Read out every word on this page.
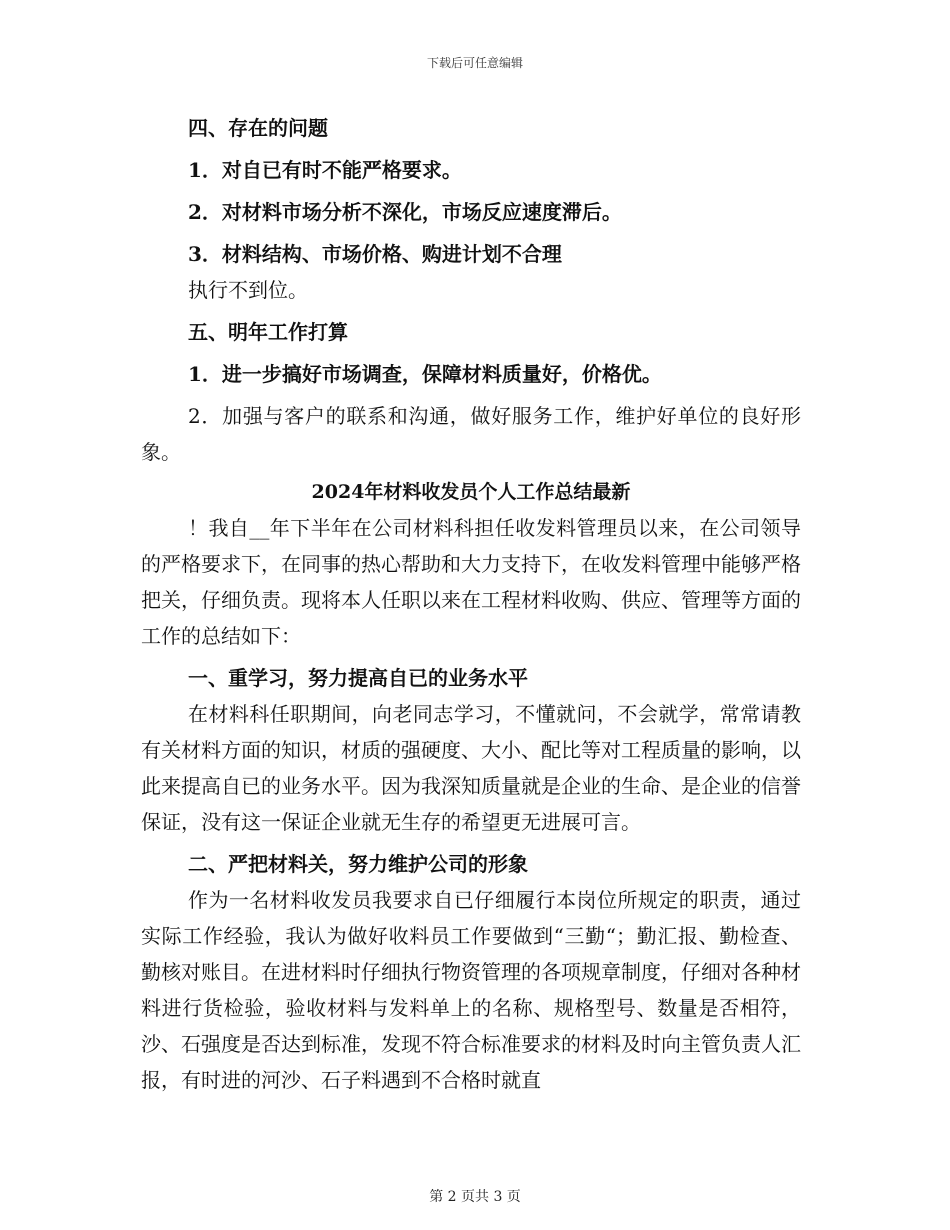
下载后可任意编辑
四、存在的问题
1．对自已有时不能严格要求。
2．对材料市场分析不深化，市场反应速度滞后。
3．材料结构、市场价格、购进计划不合理
执行不到位。
五、明年工作打算
1．进一步搞好市场调查，保障材料质量好，价格优。

2．加强与客户的联系和沟通，做好服务工作，维护好单位的良好形象。

2024年材料收发员个人工作总结最新

！我自__年下半年在公司材料科担任收发料管理员以来，在公司领导的严格要求下，在同事的热心帮助和大力支持下，在收发料管理中能够严格把关，仔细负责。现将本人任职以来在工程材料收购、供应、管理等方面的工作的总结如下：

一、重学习，努力提高自已的业务水平

在材料科任职期间，向老同志学习，不懂就问，不会就学，常常请教有关材料方面的知识，材质的强硬度、大小、配比等对工程质量的影响，以此来提高自已的业务水平。因为我深知质量就是企业的生命、是企业的信誉保证，没有这一保证企业就无生存的希望更无进展可言。

二、严把材料关，努力维护公司的形象

作为一名材料收发员我要求自已仔细履行本岗位所规定的职责，通过实际工作经验，我认为做好收料员工作要做到“三勤“；勤汇报、勤检查、勤核对账目。在进材料时仔细执行物资管理的各项规章制度，仔细对各种材料进行货检验，验收材料与发料单上的名称、规格型号、数量是否相符，沙、石强度是否达到标准，发现不符合标准要求的材料及时向主管负责人汇报，有时进的河沙、石子料遇到不合格时就直

第 2 页共 3 页
